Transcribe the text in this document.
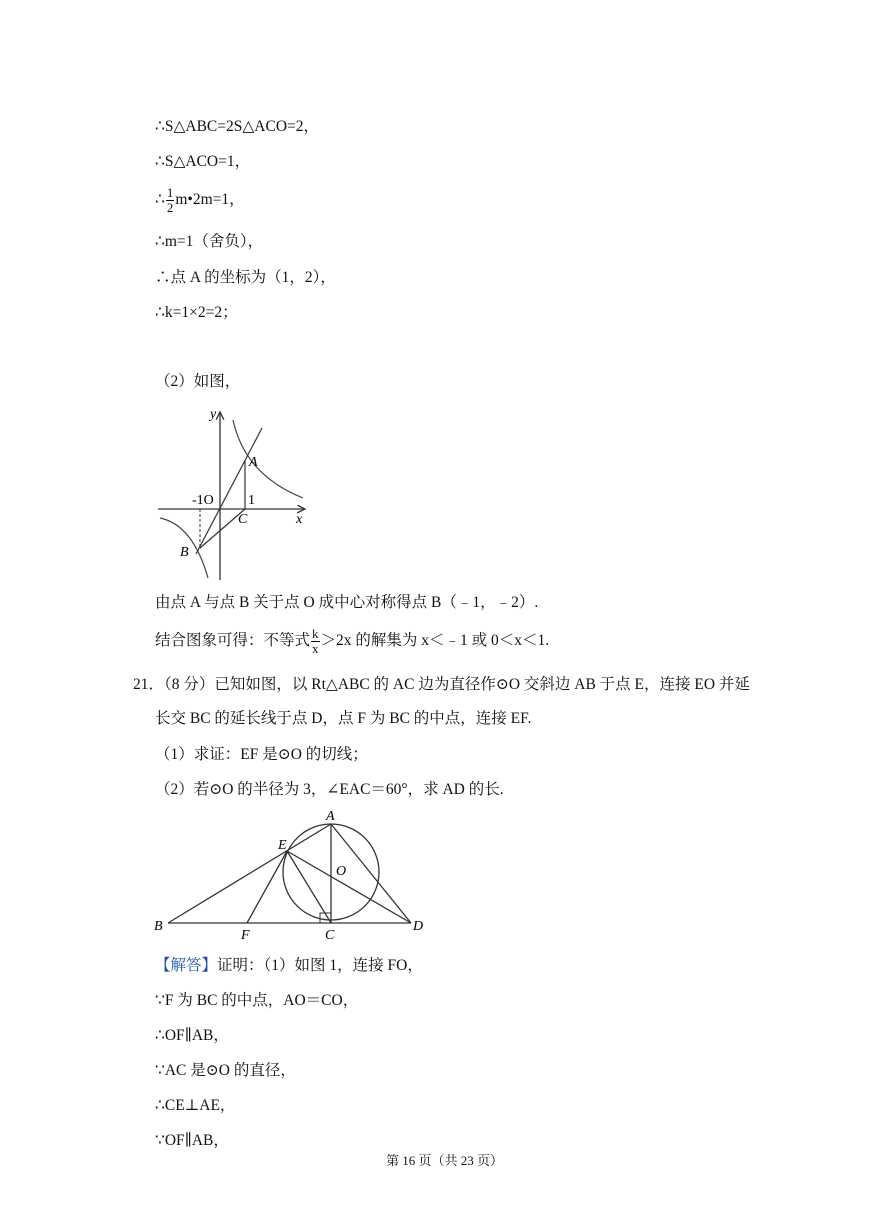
∴S△ABC=2S△ACO=2，
∴S△ACO=1，
∴ $\frac{1}{2}$ m•2m=1，
∴m=1（舍负），
∴点 A 的坐标为（1，2），
∴k=1×2=2；
（2）如图，
y
x
A
-1O 1
C
B
由点 A 与点 B 关于点 O 成中心对称得点 B（﹣1，﹣2）.
结合图象可得：不等式 $\frac{k}{x} >2x$ 的解集为 x＜﹣1 或 0＜x＜1.
21．（8 分）已知如图，以 Rt△ABC 的 AC 边为直径作⊙O 交斜边 AB 于点 E，连接 EO 并延
长交 BC 的延长线于点 D，点 F 为 BC 的中点，连接 EF.
（1）求证：EF 是⊙O 的切线；
（2）若⊙O 的半径为 3，∠EAC＝60°，求 AD 的长.
A
E
O
B
F	C
D
【解答】证明：（1）如图 1，连接 FO，
∵F 为 BC 的中点，AO＝CO，
∴OF∥AB，
∵AC 是⊙O 的直径，
∴CE⊥AE，
∵OF∥AB，
第 16 页（共 23 页）
